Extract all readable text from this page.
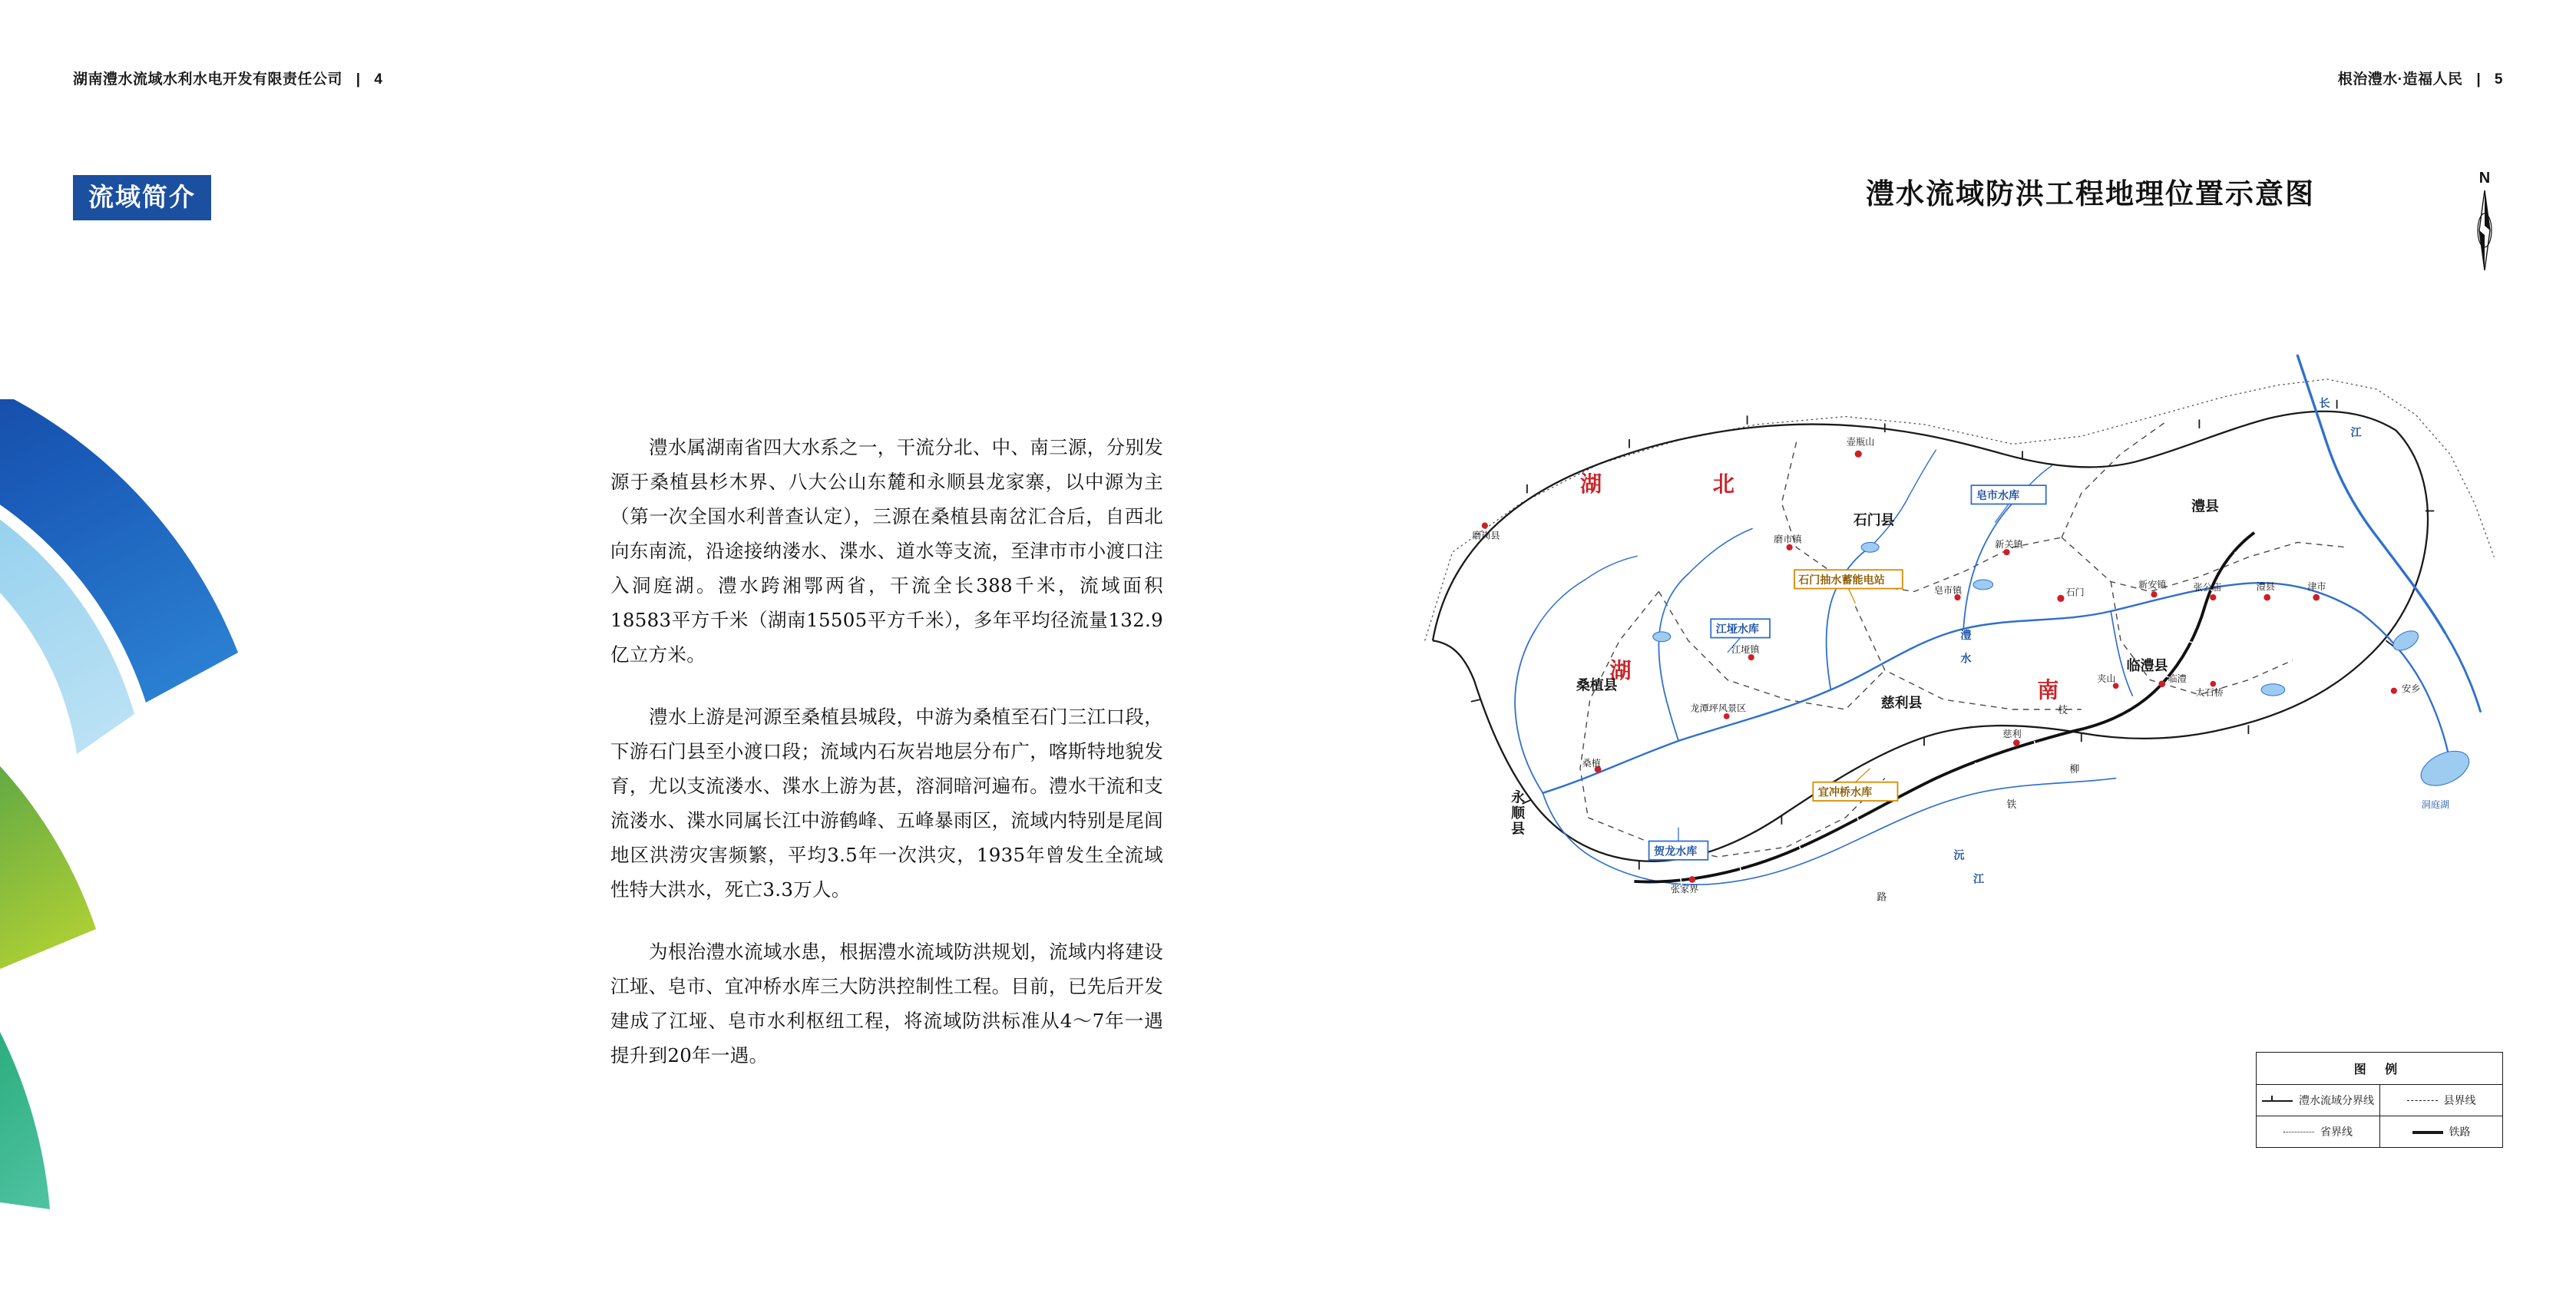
湖南澧水流域水利水电开发有限责任公司 | 4
流域简介

澧水属湖南省四大水系之一，干流分北、中、南三源，分别发源于桑植县杉木界、八大公山东麓和永顺县龙家寨，以中源为主（第一次全国水利普查认定），三源在桑植县南岔汇合后，自西北向东南流，沿途接纳溇水、渫水、道水等支流，至津市市小渡口注入洞庭湖。澧水跨湘鄂两省，干流全长388千米，流域面积18583平方千米（湖南15505平方千米），多年平均径流量132.9亿立方米。

澧水上游是河源至桑植县城段，中游为桑植至石门三江口段，下游石门县至小渡口段；流域内石灰岩地层分布广，喀斯特地貌发育，尤以支流溇水、渫水上游为甚，溶洞暗河遍布。澧水干流和支流溇水、渫水同属长江中游鹤峰、五峰暴雨区，流域内特别是尾闾地区洪涝灾害频繁，平均3.5年一次洪灾，1935年曾发生全流域性特大洪水，死亡3.3万人。

为根治澧水流域水患，根据澧水流域防洪规划，流域内将建设江垭、皂市、宜冲桥水库三大防洪控制性工程。目前，已先后开发建成了江垭、皂市水利枢纽工程，将流域防洪标准从4～7年一遇提升到20年一遇。

根治澧水·造福人民 | 5
澧水流域防洪工程地理位置示意图	N
湖	北
湖
南
石门县
澧县
桑植县
慈利县
临澧县
永顺县
皂市水库
江垭水库
宜冲桥水库
贺龙水库
石门抽水蓄能电站
壶瓶山
磨岗县	磨市镇	新关镇
皂市镇	石门
新安镇	张公庙	澧县	津市
江垭镇
临澧
太石桥
夹山
桑植
安乡
龙潭坪风景区
慈利
张家界
洞庭湖
澧
水
长
江
沅
江
枝
柳
铁
路
图 例
澧水流域分界线	县界线
省界线	铁路
